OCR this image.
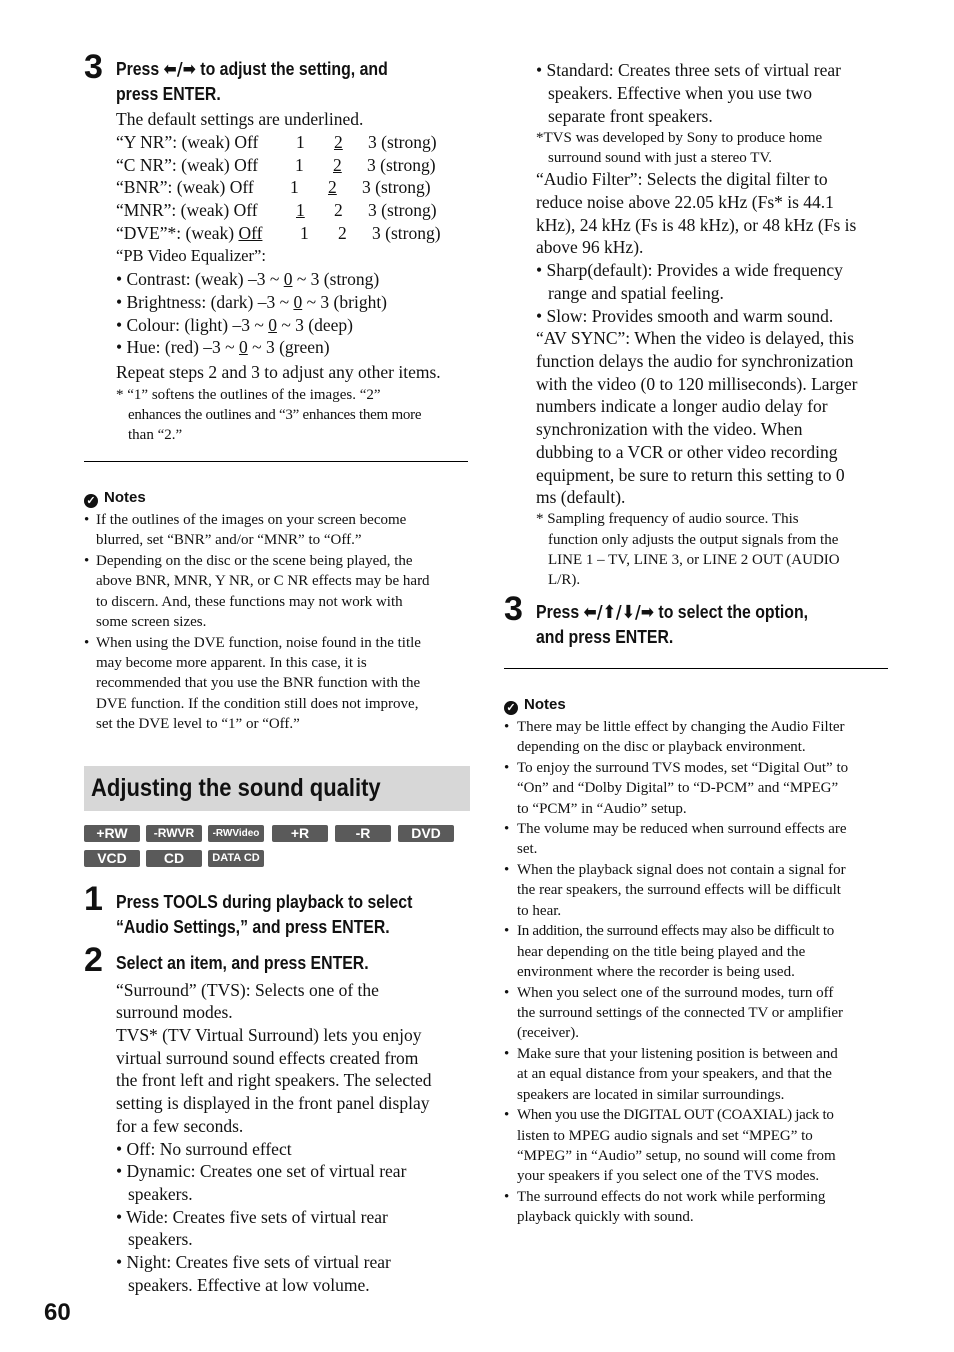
3 Press ⬅/➡ to adjust the setting, and
press ENTER.
The default settings are underlined.
“Y NR”: (weak) Off 1 2 3 (strong)
“C NR”: (weak) Off 1 2 3 (strong)
“BNR”: (weak) Off 1 2 3 (strong)
“MNR”: (weak) Off 1 2 3 (strong)
“DVE”*: (weak) Off 1 2 3 (strong)
“PB Video Equalizer”:
• Contrast: (weak) –3 ~ 0 ~ 3 (strong)
• Brightness: (dark) –3 ~ 0 ~ 3 (bright)
• Colour: (light) –3 ~ 0 ~ 3 (deep)
• Hue: (red) –3 ~ 0 ~ 3 (green)
Repeat steps 2 and 3 to adjust any other items.
* “1” softens the outlines of the images. “2”
enhances the outlines and “3” enhances them more
than “2.”
✓ Notes
• If the outlines of the images on your screen become
blurred, set “BNR” and/or “MNR” to “Off.”
• Depending on the disc or the scene being played, the
above BNR, MNR, Y NR, or C NR effects may be hard
to discern. And, these functions may not work with
some screen sizes.
• When using the DVE function, noise found in the title
may become more apparent. In this case, it is
recommended that you use the BNR function with the
DVE function. If the condition still does not improve,
set the DVE level to “1” or “Off.”
Adjusting the sound quality
+RW	-RWVR	-RWVideo	+R	-R	DVD
VCD	CD	DATA CD
1 Press TOOLS during playback to select
“Audio Settings,” and press ENTER.
2 Select an item, and press ENTER.
“Surround” (TVS): Selects one of the
surround modes.
TVS* (TV Virtual Surround) lets you enjoy
virtual surround sound effects created from
the front left and right speakers. The selected
setting is displayed in the front panel display
for a few seconds.
• Off: No surround effect
• Dynamic: Creates one set of virtual rear
speakers.
• Wide: Creates five sets of virtual rear
speakers.
• Night: Creates five sets of virtual rear
speakers. Effective at low volume.
• Standard: Creates three sets of virtual rear
speakers. Effective when you use two
separate front speakers.
*TVS was developed by Sony to produce home
surround sound with just a stereo TV.
“Audio Filter”: Selects the digital filter to
reduce noise above 22.05 kHz (Fs* is 44.1
kHz), 24 kHz (Fs is 48 kHz), or 48 kHz (Fs is
above 96 kHz).
• Sharp(default): Provides a wide frequency
range and spatial feeling.
• Slow: Provides smooth and warm sound.
“AV SYNC”: When the video is delayed, this
function delays the audio for synchronization
with the video (0 to 120 milliseconds). Larger
numbers indicate a longer audio delay for
synchronization with the video. When
dubbing to a VCR or other video recording
equipment, be sure to return this setting to 0
ms (default).
* Sampling frequency of audio source. This
function only adjusts the output signals from the
LINE 1 – TV, LINE 3, or LINE 2 OUT (AUDIO
L/R).
3 Press ⬅/⬆/⬇/➡ to select the option,
and press ENTER.
✓ Notes
• There may be little effect by changing the Audio Filter
depending on the disc or playback environment.
• To enjoy the surround TVS modes, set “Digital Out” to
“On” and “Dolby Digital” to “D-PCM” and “MPEG”
to “PCM” in “Audio” setup.
• The volume may be reduced when surround effects are
set.
• When the playback signal does not contain a signal for
the rear speakers, the surround effects will be difficult
to hear.
• In addition, the surround effects may also be difficult to
hear depending on the title being played and the
environment where the recorder is being used.
• When you select one of the surround modes, turn off
the surround settings of the connected TV or amplifier
(receiver).
• Make sure that your listening position is between and
at an equal distance from your speakers, and that the
speakers are located in similar surroundings.
• When you use the DIGITAL OUT (COAXIAL) jack to
listen to MPEG audio signals and set “MPEG” to
“MPEG” in “Audio” setup, no sound will come from
your speakers if you select one of the TVS modes.
• The surround effects do not work while performing
playback quickly with sound.
60
